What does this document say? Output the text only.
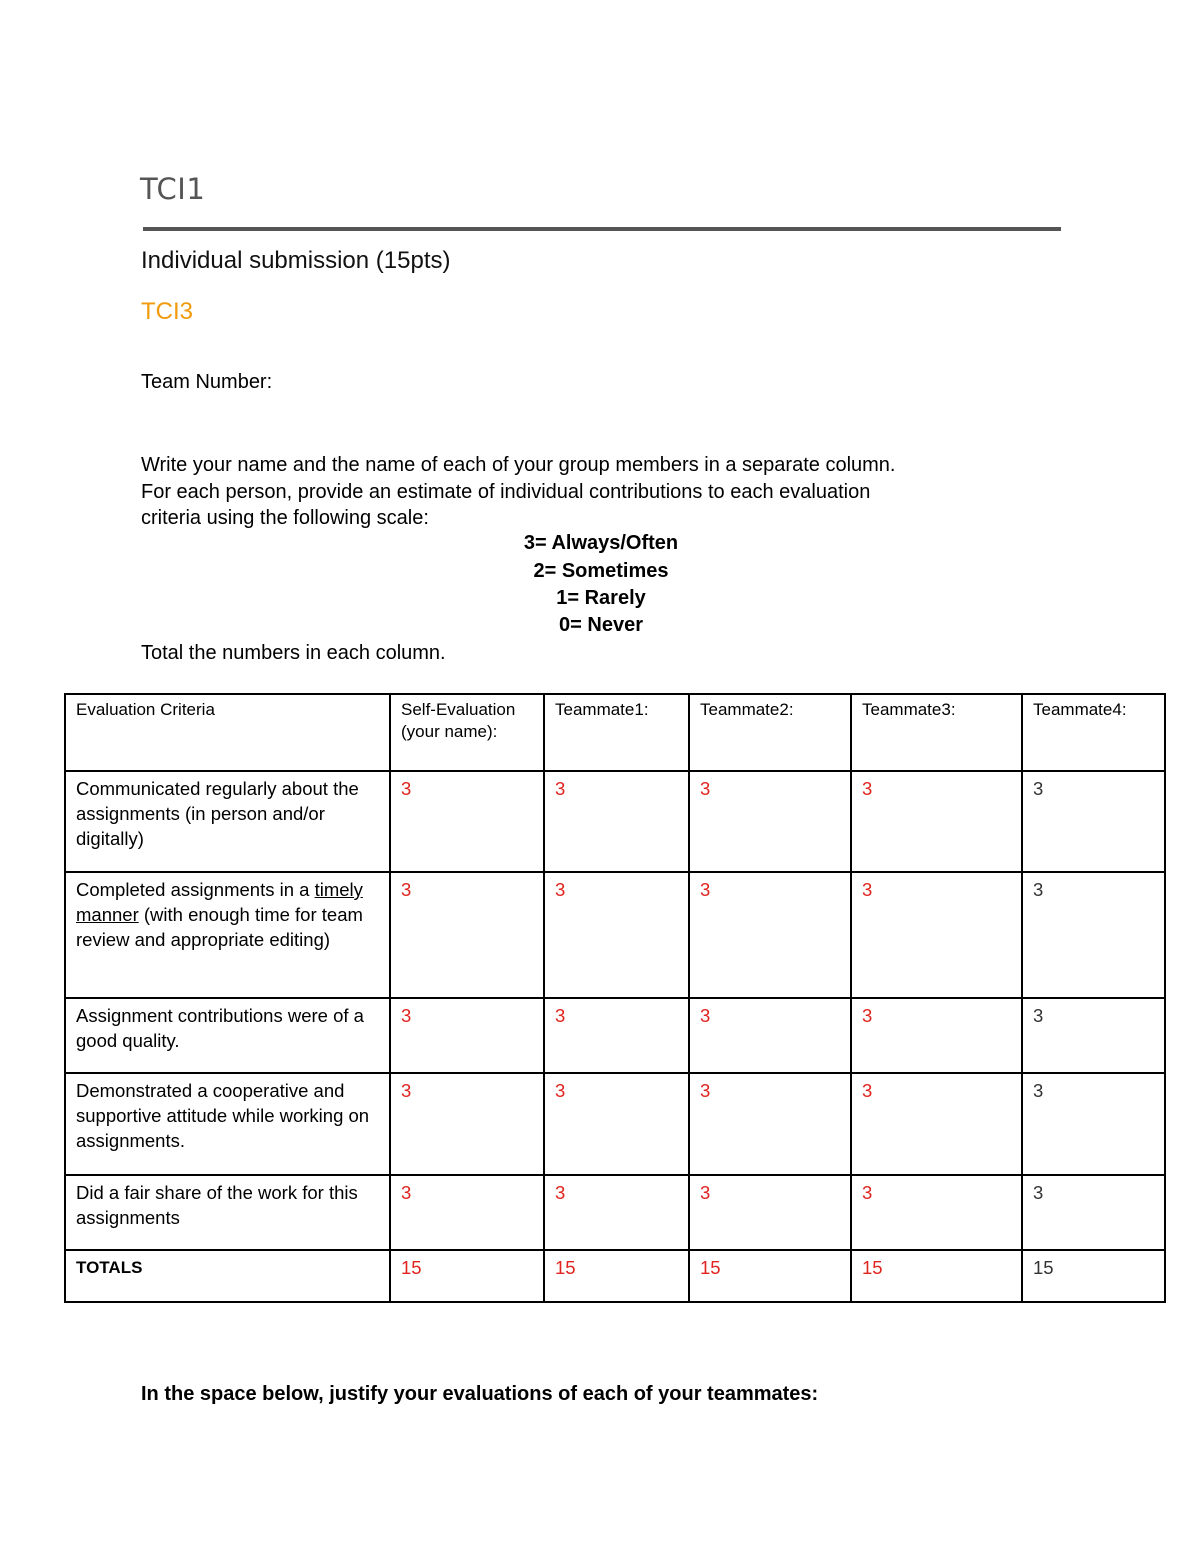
TCI1
Individual submission (15pts)
TCI3
Team Number:
Write your name and the name of each of your group members in a separate column.
For each person, provide an estimate of individual contributions to each evaluation
criteria using the following scale:
3= Always/Often
2= Sometimes
1= Rarely
0= Never
Total the numbers in each column.
Evaluation Criteria	Self-Evaluation (your name):	Teammate1:	Teammate2:	Teammate3:	Teammate4:
Communicated regularly about the assignments (in person and/or digitally)	3	3	3	3	3
Completed assignments in a timely manner (with enough time for team review and appropriate editing)	3	3	3	3	3
Assignment contributions were of a good quality.	3	3	3	3	3
Demonstrated a cooperative and supportive attitude while working on assignments.	3	3	3	3	3
Did a fair share of the work for this assignments	3	3	3	3	3
TOTALS	15	15	15	15	15
In the space below, justify your evaluations of each of your teammates:
